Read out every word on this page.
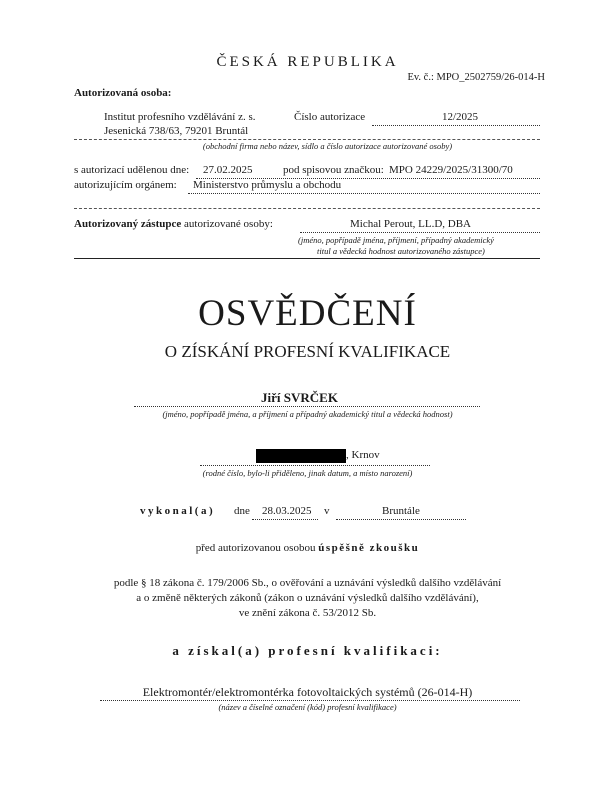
ČESKÁ REPUBLIKA
Ev. č.: MPO_2502759/26-014-H
Autorizovaná osoba:
Institut profesního vzdělávání z. s.	Číslo autorizace	12/2025
Jesenická 738/63, 79201 Bruntál
(obchodní firma nebo název, sídlo a číslo autorizace autorizované osoby)
s autorizací udělenou dne: 27.02.2025	pod spisovou značkou: MPO 24229/2025/31300/70
autorizujícím orgánem: Ministerstvo průmyslu a obchodu
Autorizovaný zástupce autorizované osoby:	Michal Perout, LL.D, DBA
(jméno, popřípadě jména, příjmení, případný akademický
titul a vědecká hodnost autorizovaného zástupce)
OSVĚDČENÍ
O ZÍSKÁNÍ PROFESNÍ KVALIFIKACE
Jiří SVRČEK
(jméno, popřípadě jména, a příjmení a případný akademický titul a vědecká hodnost)
, Krnov
(rodné číslo, bylo-li přiděleno, jinak datum, a místo narození)
vykonal(a) dne 28.03.2025 v	Bruntále
před autorizovanou osobou úspěšně zkoušku
podle § 18 zákona č. 179/2006 Sb., o ověřování a uznávání výsledků dalšího vzdělávání
a o změně některých zákonů (zákon o uznávání výsledků dalšího vzdělávání),
ve znění zákona č. 53/2012 Sb.
a získal(a) profesní kvalifikaci:
Elektromontér/elektromontérka fotovoltaických systémů (26-014-H)
(název a číselné označení (kód) profesní kvalifikace)
